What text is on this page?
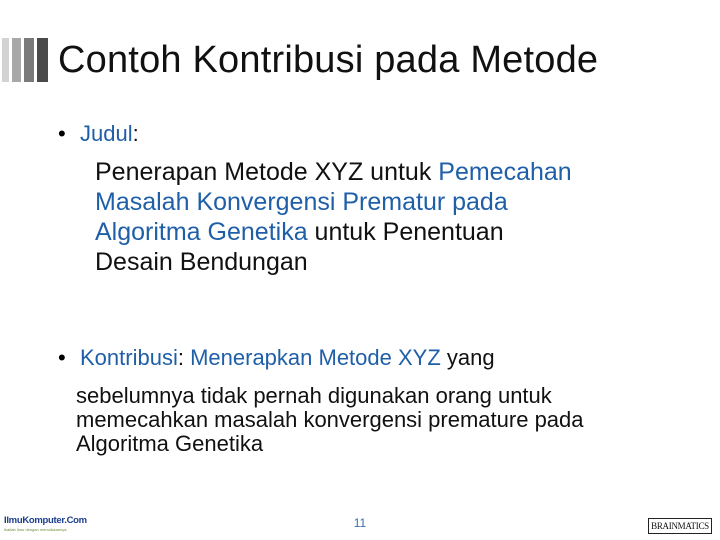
Contoh Kontribusi pada Metode
• Judul:
Penerapan Metode XYZ untuk Pemecahan
Masalah Konvergensi Prematur pada
Algoritma Genetika untuk Penentuan
Desain Bendungan
• Kontribusi: Menerapkan Metode XYZ yang
sebelumnya tidak pernah digunakan orang untuk
memecahkan masalah konvergensi premature pada
Algoritma Genetika
IlmuKomputer.Com
Ikatlah ilmu dengan menuliskannya	11	BRAINMATICS
